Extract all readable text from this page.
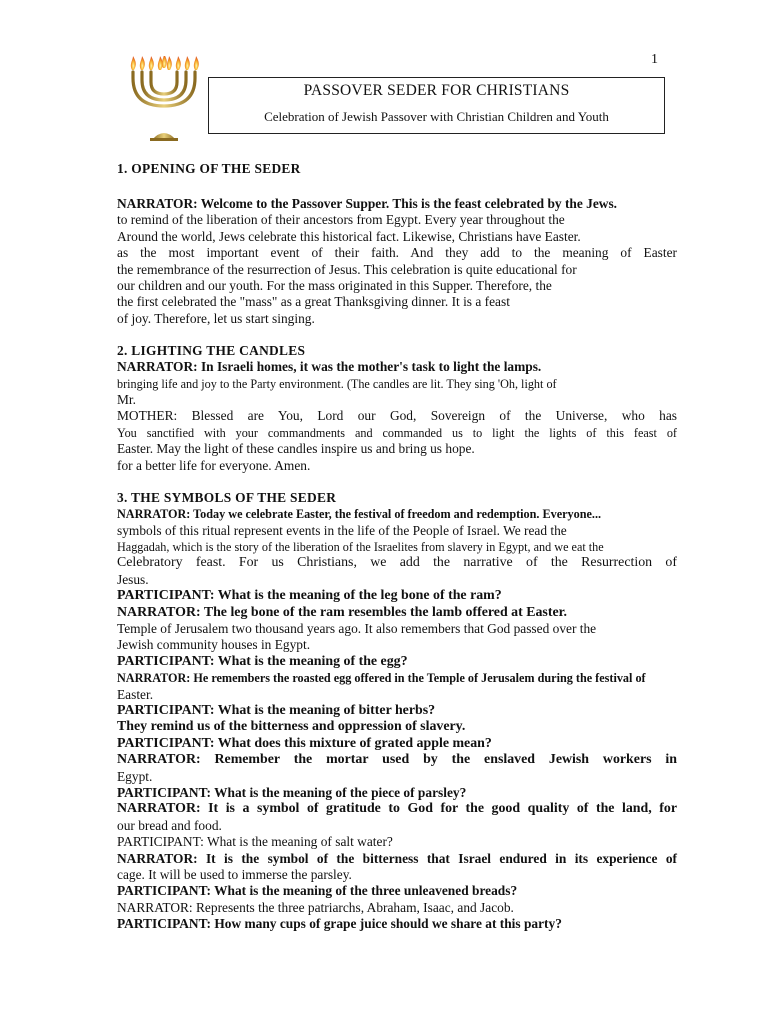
1
PASSOVER SEDER FOR CHRISTIANS
Celebration of Jewish Passover with Christian Children and Youth
1. OPENING OF THE SEDER
NARRATOR: Welcome to the Passover Supper. This is the feast celebrated by the Jews.
to remind of the liberation of their ancestors from Egypt. Every year throughout the
Around the world, Jews celebrate this historical fact. Likewise, Christians have Easter.
as the most important event of their faith. And they add to the meaning of Easter
the remembrance of the resurrection of Jesus. This celebration is quite educational for
our children and our youth. For the mass originated in this Supper. Therefore, the
the first celebrated the "mass" as a great Thanksgiving dinner. It is a feast
of joy. Therefore, let us start singing.
2. LIGHTING THE CANDLES
NARRATOR: In Israeli homes, it was the mother's task to light the lamps.
bringing life and joy to the Party environment. (The candles are lit. They sing 'Oh, light of
Mr.
MOTHER: Blessed are You, Lord our God, Sovereign of the Universe, who has
You sanctified with your commandments and commanded us to light the lights of this feast of
Easter. May the light of these candles inspire us and bring us hope.
for a better life for everyone. Amen.
3. THE SYMBOLS OF THE SEDER
NARRATOR: Today we celebrate Easter, the festival of freedom and redemption. Everyone...
symbols of this ritual represent events in the life of the People of Israel. We read the
Haggadah, which is the story of the liberation of the Israelites from slavery in Egypt, and we eat the
Celebratory feast. For us Christians, we add the narrative of the Resurrection of
Jesus.
PARTICIPANT: What is the meaning of the leg bone of the ram?
NARRATOR: The leg bone of the ram resembles the lamb offered at Easter.
Temple of Jerusalem two thousand years ago. It also remembers that God passed over the
Jewish community houses in Egypt.
PARTICIPANT: What is the meaning of the egg?
NARRATOR: He remembers the roasted egg offered in the Temple of Jerusalem during the festival of
Easter.
PARTICIPANT: What is the meaning of bitter herbs?
They remind us of the bitterness and oppression of slavery.
PARTICIPANT: What does this mixture of grated apple mean?
NARRATOR: Remember the mortar used by the enslaved Jewish workers in
Egypt.
PARTICIPANT: What is the meaning of the piece of parsley?
NARRATOR: It is a symbol of gratitude to God for the good quality of the land, for
our bread and food.
PARTICIPANT: What is the meaning of salt water?
NARRATOR: It is the symbol of the bitterness that Israel endured in its experience of
cage. It will be used to immerse the parsley.
PARTICIPANT: What is the meaning of the three unleavened breads?
NARRATOR: Represents the three patriarchs, Abraham, Isaac, and Jacob.
PARTICIPANT: How many cups of grape juice should we share at this party?
